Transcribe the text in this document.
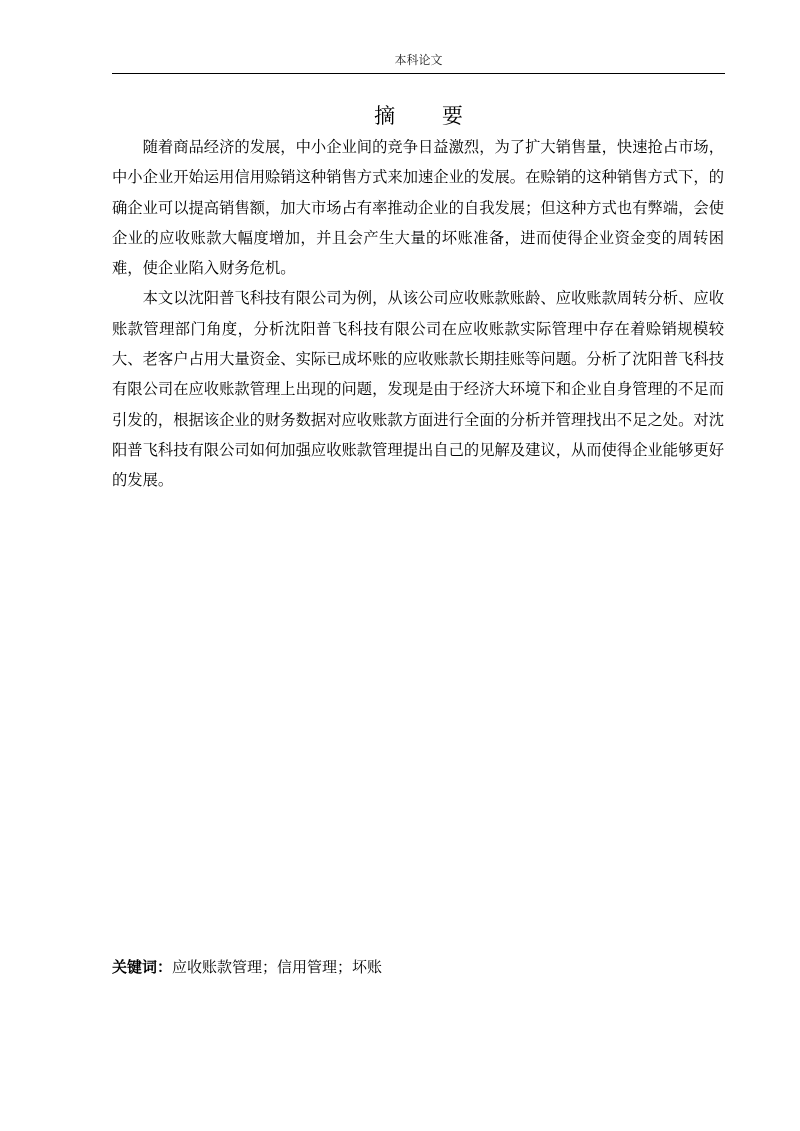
本科论文
摘 要

随着商品经济的发展，中小企业间的竞争日益激烈，为了扩大销售量，快速抢占市场，中小企业开始运用信用赊销这种销售方式来加速企业的发展。在赊销的这种销售方式下，的确企业可以提高销售额，加大市场占有率推动企业的自我发展；但这种方式也有弊端，会使企业的应收账款大幅度增加，并且会产生大量的坏账准备，进而使得企业资金变的周转困难，使企业陷入财务危机。

本文以沈阳普飞科技有限公司为例，从该公司应收账款账龄、应收账款周转分析、应收账款管理部门角度，分析沈阳普飞科技有限公司在应收账款实际管理中存在着赊销规模较大、老客户占用大量资金、实际已成坏账的应收账款长期挂账等问题。分析了沈阳普飞科技有限公司在应收账款管理上出现的问题，发现是由于经济大环境下和企业自身管理的不足而引发的，根据该企业的财务数据对应收账款方面进行全面的分析并管理找出不足之处。对沈阳普飞科技有限公司如何加强应收账款管理提出自己的见解及建议，从而使得企业能够更好的发展。

关键词：应收账款管理；信用管理；坏账
